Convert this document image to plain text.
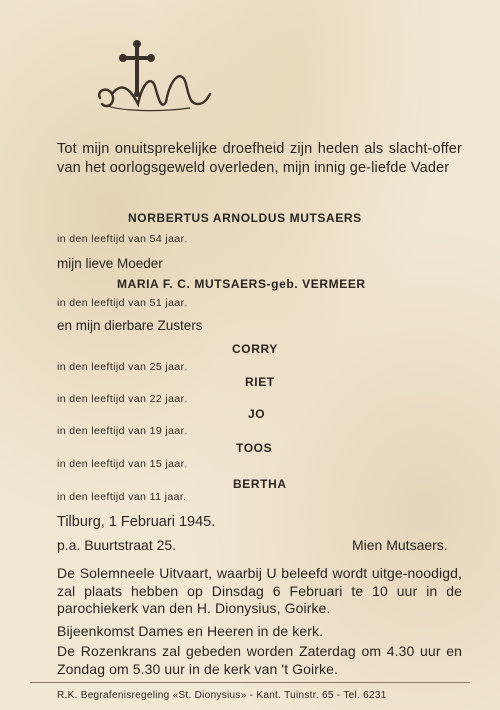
M
Tot mijn onuitsprekelijke droefheid zijn heden als slacht-offer van het oorlogsgeweld overleden, mijn innig ge-liefde Vader
NORBERTUS ARNOLDUS MUTSAERS
in den leeftijd van 54 jaar.
mijn lieve Moeder
MARIA F. C. MUTSAERS-geb. VERMEER
in den leeftijd van 51 jaar.
en mijn dierbare Zusters
CORRY
in den leeftijd van 25 jaar.
RIET
in den leeftijd van 22 jaar.
JO
in den leeftijd van 19 jaar.
TOOS
in den leeftijd van 15 jaar.
BERTHA
in den leeftijd van 11 jaar.
Tilburg, 1 Februari 1945.
p.a. Buurtstraat 25.	Mien Mutsaers.
De Solemneele Uitvaart, waarbij U beleefd wordt uitge-noodigd, zal plaats hebben op Dinsdag 6 Februari te 10 uur in de parochiekerk van den H. Dionysius, Goirke.
Bijeenkomst Dames en Heeren in de kerk.
De Rozenkrans zal gebeden worden Zaterdag om 4.30 uur en Zondag om 5.30 uur in de kerk van 't Goirke.
R.K. Begrafenisregeling «St. Dionysius» - Kant. Tuinstr. 65 - Tel. 6231
